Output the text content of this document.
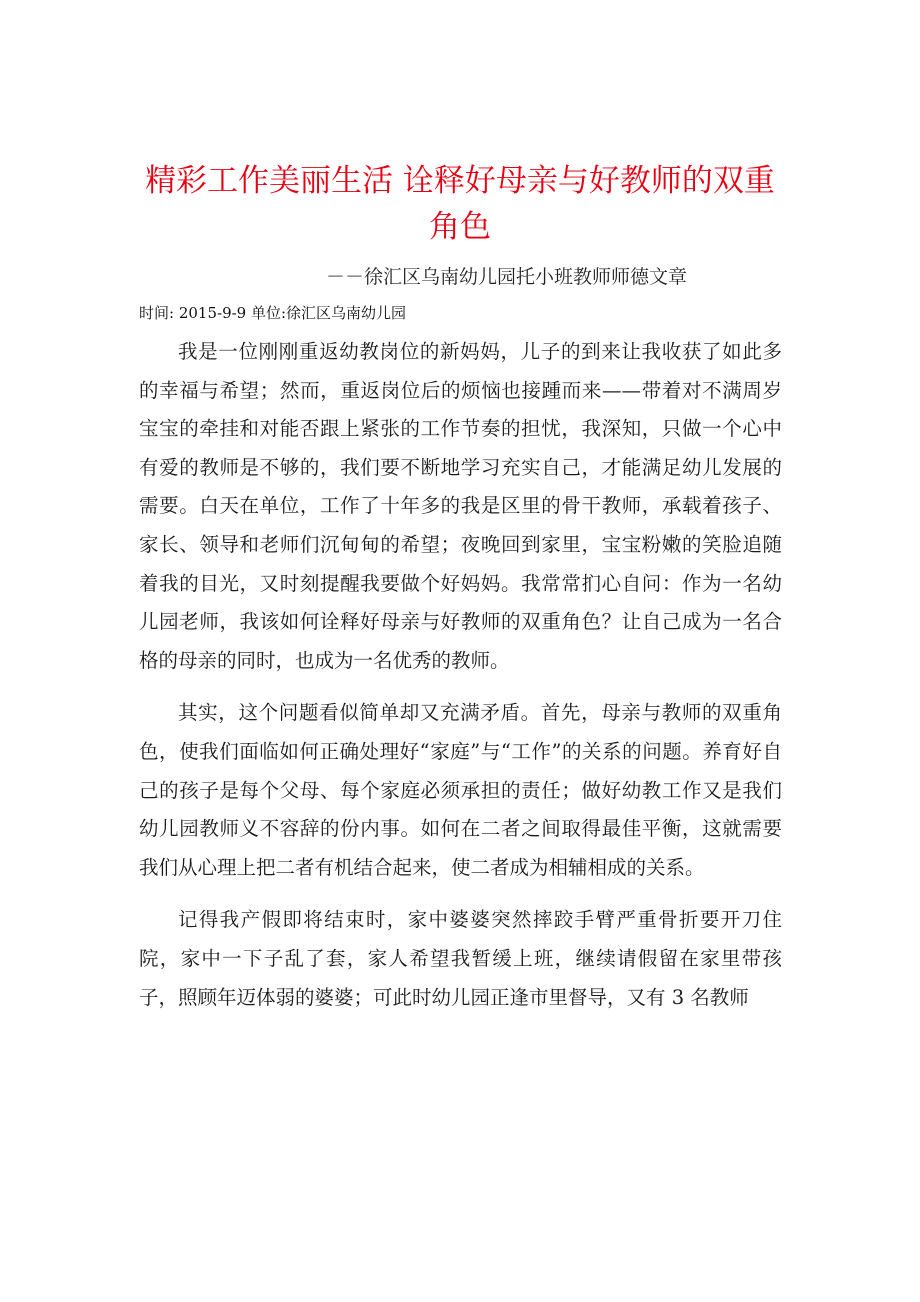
精彩工作美丽生活 诠释好母亲与好教师的双重角色
－－徐汇区乌南幼儿园托小班教师师德文章
时间: 2015-9-9 单位:徐汇区乌南幼儿园

我是一位刚刚重返幼教岗位的新妈妈，儿子的到来让我收获了如此多的幸福与希望；然而，重返岗位后的烦恼也接踵而来——带着对不满周岁宝宝的牵挂和对能否跟上紧张的工作节奏的担忧，我深知，只做一个心中有爱的教师是不够的，我们要不断地学习充实自己，才能满足幼儿发展的需要。白天在单位，工作了十年多的我是区里的骨干教师，承载着孩子、家长、领导和老师们沉甸甸的希望；夜晚回到家里，宝宝粉嫩的笑脸追随着我的目光，又时刻提醒我要做个好妈妈。我常常扪心自问：作为一名幼儿园老师，我该如何诠释好母亲与好教师的双重角色？让自己成为一名合格的母亲的同时，也成为一名优秀的教师。

其实，这个问题看似简单却又充满矛盾。首先，母亲与教师的双重角色，使我们面临如何正确处理好“家庭”与“工作”的关系的问题。养育好自己的孩子是每个父母、每个家庭必须承担的责任；做好幼教工作又是我们幼儿园教师义不容辞的份内事。如何在二者之间取得最佳平衡，这就需要我们从心理上把二者有机结合起来，使二者成为相辅相成的关系。

记得我产假即将结束时，家中婆婆突然摔跤手臂严重骨折要开刀住院，家中一下子乱了套，家人希望我暂缓上班，继续请假留在家里带孩子，照顾年迈体弱的婆婆；可此时幼儿园正逢市里督导，又有 3 名教师
